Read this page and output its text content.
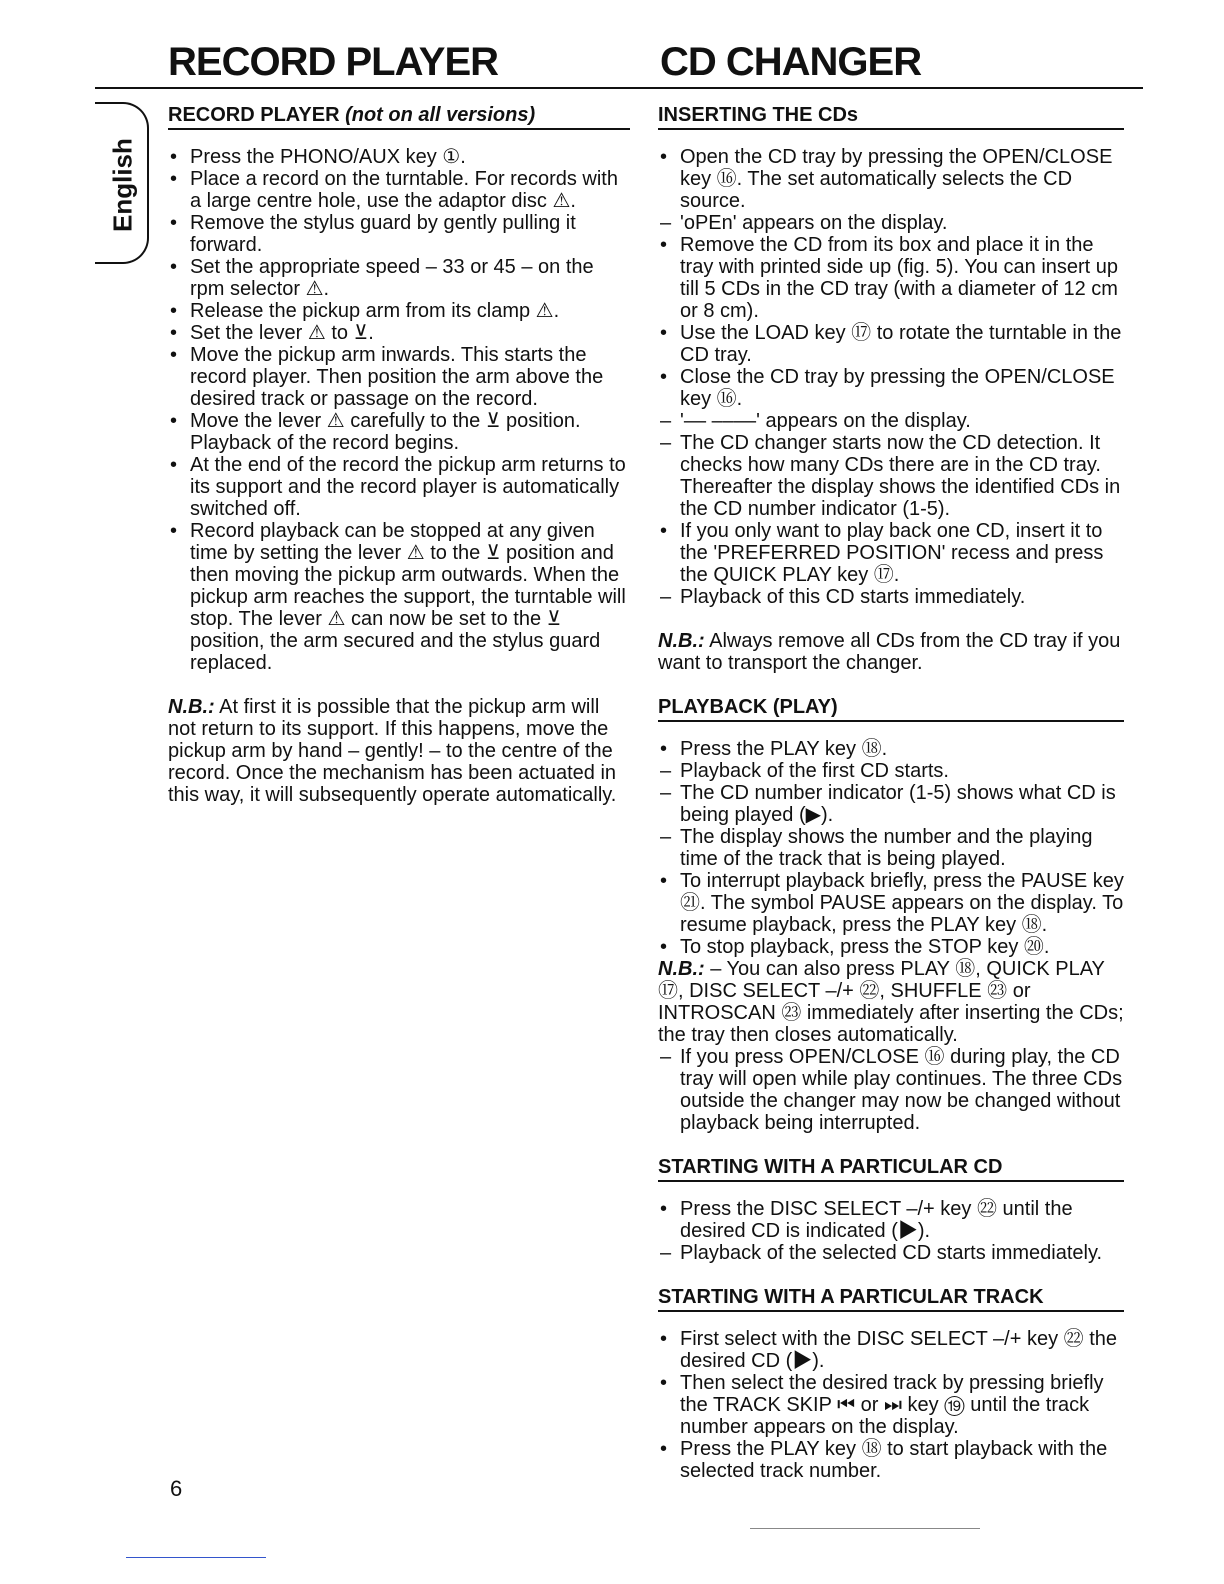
RECORD PLAYER	CD CHANGER
English
RECORD PLAYER (not on all versions)
• Press the PHONO/AUX key ①.
• Place a record on the turntable. For records with a large centre hole, use the adaptor disc ⚠.
• Remove the stylus guard by gently pulling it forward.
• Set the appropriate speed – 33 or 45 – on the rpm selector ⚠.
• Release the pickup arm from its clamp ⚠.
• Set the lever ⚠ to ⊻.
• Move the pickup arm inwards. This starts the record player. Then position the arm above the desired track or passage on the record.
• Move the lever ⚠ carefully to the ⊻ position. Playback of the record begins.
• At the end of the record the pickup arm returns to its support and the record player is automatically switched off.
• Record playback can be stopped at any given time by setting the lever ⚠ to the ⊻ position and then moving the pickup arm outwards. When the pickup arm reaches the support, the turntable will stop. The lever ⚠ can now be set to the ⊻ position, the arm secured and the stylus guard replaced.
N.B.: At first it is possible that the pickup arm will not return to its support. If this happens, move the pickup arm by hand – gently! – to the centre of the record. Once the mechanism has been actuated in this way, it will subsequently operate automatically.
INSERTING THE CDs
• Open the CD tray by pressing the OPEN/CLOSE key ⑯. The set automatically selects the CD source.
– 'oPEn' appears on the display.
• Remove the CD from its box and place it in the tray with printed side up (fig. 5). You can insert up till 5 CDs in the CD tray (with a diameter of 12 cm or 8 cm).
• Use the LOAD key ⑰ to rotate the turntable in the CD tray.
• Close the CD tray by pressing the OPEN/CLOSE key ⑯.
– '–– ––––' appears on the display.
– The CD changer starts now the CD detection. It checks how many CDs there are in the CD tray. Thereafter the display shows the identified CDs in the CD number indicator (1-5).
• If you only want to play back one CD, insert it to the 'PREFERRED POSITION' recess and press the QUICK PLAY key ⑰.
– Playback of this CD starts immediately.
N.B.: Always remove all CDs from the CD tray if you want to transport the changer.
PLAYBACK (PLAY)
• Press the PLAY key ⑱.
– Playback of the first CD starts.
– The CD number indicator (1-5) shows what CD is being played (▶).
– The display shows the number and the playing time of the track that is being played.
• To interrupt playback briefly, press the PAUSE key ㉑. The symbol PAUSE appears on the display. To resume playback, press the PLAY key ⑱.
• To stop playback, press the STOP key ⑳.
N.B.: – You can also press PLAY ⑱, QUICK PLAY ⑰, DISC SELECT –/+ ㉒, SHUFFLE ㉓ or INTROSCAN ㉓ immediately after inserting the CDs; the tray then closes automatically.
– If you press OPEN/CLOSE ⑯ during play, the CD tray will open while play continues. The three CDs outside the changer may now be changed without playback being interrupted.
STARTING WITH A PARTICULAR CD
• Press the DISC SELECT –/+ key ㉒ until the desired CD is indicated (▶).
– Playback of the selected CD starts immediately.
STARTING WITH A PARTICULAR TRACK
• First select with the DISC SELECT –/+ key ㉒ the desired CD (▶).
• Then select the desired track by pressing briefly the TRACK SKIP ⏮ or ⏭ key ⑲ until the track number appears on the display.
• Press the PLAY key ⑱ to start playback with the selected track number.
6
